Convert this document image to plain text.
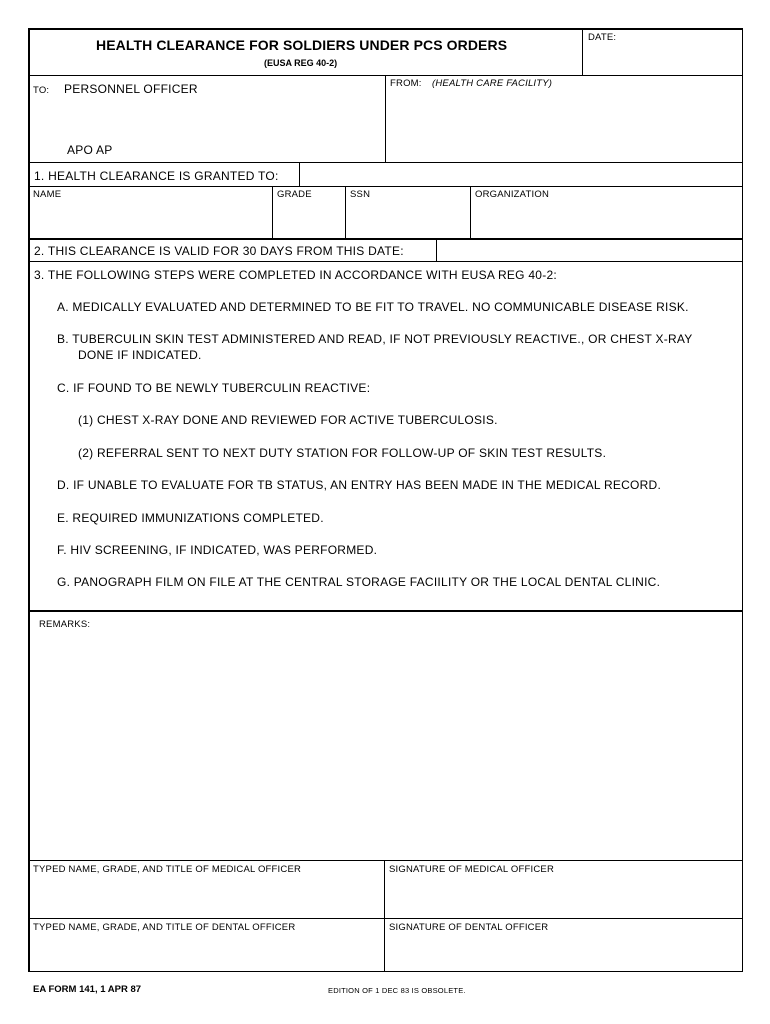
HEALTH CLEARANCE FOR SOLDIERS UNDER PCS ORDERS
(EUSA REG 40-2)
DATE:
TO: PERSONNEL OFFICER
APO AP
FROM: (HEALTH CARE FACILITY)
1. HEALTH CLEARANCE IS GRANTED TO:
NAME	GRADE	SSN	ORGANIZATION
2. THIS CLEARANCE IS VALID FOR 30 DAYS FROM THIS DATE:
3. THE FOLLOWING STEPS WERE COMPLETED IN ACCORDANCE WITH EUSA REG 40-2:
A. MEDICALLY EVALUATED AND DETERMINED TO BE FIT TO TRAVEL. NO COMMUNICABLE DISEASE RISK.
B. TUBERCULIN SKIN TEST ADMINISTERED AND READ, IF NOT PREVIOUSLY REACTIVE., OR CHEST X-RAY
DONE IF INDICATED.
C. IF FOUND TO BE NEWLY TUBERCULIN REACTIVE:
(1) CHEST X-RAY DONE AND REVIEWED FOR ACTIVE TUBERCULOSIS.
(2) REFERRAL SENT TO NEXT DUTY STATION FOR FOLLOW-UP OF SKIN TEST RESULTS.
D. IF UNABLE TO EVALUATE FOR TB STATUS, AN ENTRY HAS BEEN MADE IN THE MEDICAL RECORD.
E. REQUIRED IMMUNIZATIONS COMPLETED.
F. HIV SCREENING, IF INDICATED, WAS PERFORMED.
G. PANOGRAPH FILM ON FILE AT THE CENTRAL STORAGE FACIILITY OR THE LOCAL DENTAL CLINIC.
REMARKS:
TYPED NAME, GRADE, AND TITLE OF MEDICAL OFFICER	SIGNATURE OF MEDICAL OFFICER
TYPED NAME, GRADE, AND TITLE OF DENTAL OFFICER	SIGNATURE OF DENTAL OFFICER
EA FORM 141, 1 APR 87	EDITION OF 1 DEC 83 IS OBSOLETE.
